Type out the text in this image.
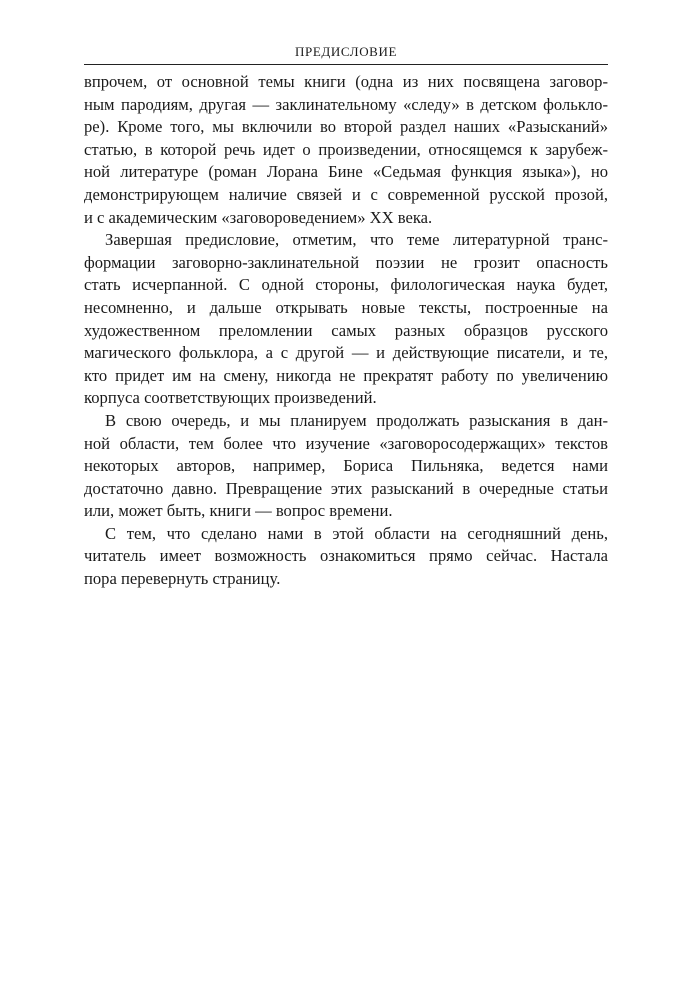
ПРЕДИСЛОВИЕ

впрочем, от основной темы книги (одна из них посвящена заговор-
ным пародиям, другая — заклинательному «следу» в детском фолькло-
ре). Кроме того, мы включили во второй раздел наших «Разысканий»
статью, в которой речь идет о произведении, относящемся к зарубеж-
ной литературе (роман Лорана Бине «Седьмая функция языка»), но
демонстрирующем наличие связей и с современной русской прозой,
и с академическим «заговороведением» XX века.

Завершая предисловие, отметим, что теме литературной транс-
формации заговорно-заклинательной поэзии не грозит опасность
стать исчерпанной. С одной стороны, филологическая наука будет,
несомненно, и дальше открывать новые тексты, построенные на
художественном преломлении самых разных образцов русского
магического фольклора, а с другой — и действующие писатели, и те,
кто придет им на смену, никогда не прекратят работу по увеличению
корпуса соответствующих произведений.

В свою очередь, и мы планируем продолжать разыскания в дан-
ной области, тем более что изучение «заговоросодержащих» текстов
некоторых авторов, например, Бориса Пильняка, ведется нами
достаточно давно. Превращение этих разысканий в очередные статьи
или, может быть, книги — вопрос времени.

С тем, что сделано нами в этой области на сегодняшний день,
читатель имеет возможность ознакомиться прямо сейчас. Настала
пора перевернуть страницу.
